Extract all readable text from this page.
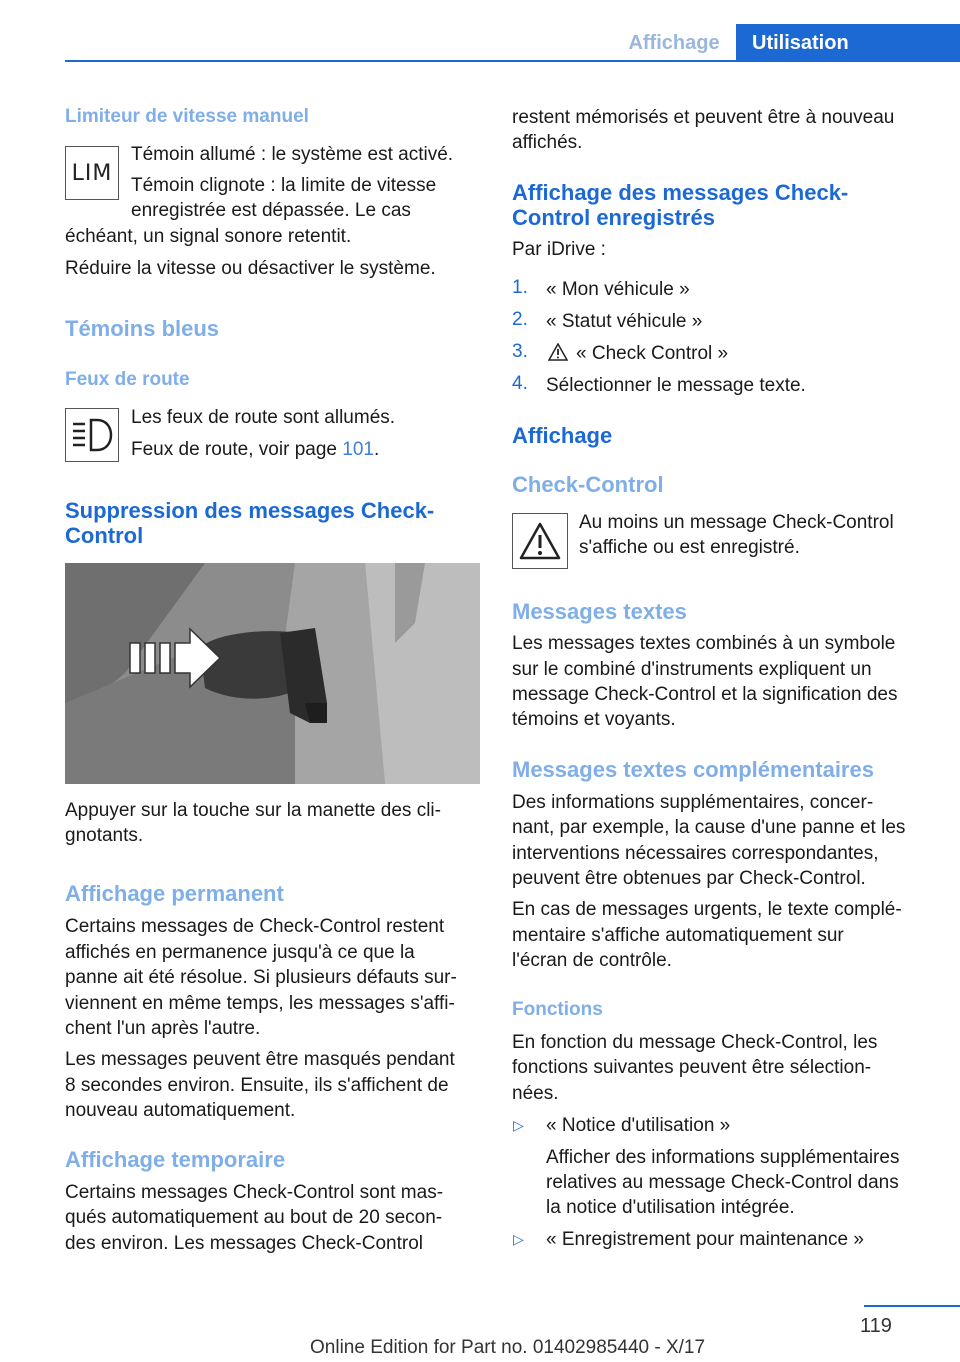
Affichage	Utilisation
Limiteur de vitesse manuel
LIM
Témoin allumé : le système est activé.
Témoin clignote : la limite de vitesse
enregistrée est dépassée. Le cas
échéant, un signal sonore retentit.
Réduire la vitesse ou désactiver le système.
Témoins bleus
Feux de route
Les feux de route sont allumés.
Feux de route, voir page 101.
Suppression des messages Check-
Control
Appuyer sur la touche sur la manette des cli-
gnotants.
Affichage permanent
Certains messages de Check-Control restent
affichés en permanence jusqu'à ce que la
panne ait été résolue. Si plusieurs défauts sur-
viennent en même temps, les messages s'affi-
chent l'un après l'autre.
Les messages peuvent être masqués pendant
8 secondes environ. Ensuite, ils s'affichent de
nouveau automatiquement.
Affichage temporaire
Certains messages Check-Control sont mas-
qués automatiquement au bout de 20 secon-
des environ. Les messages Check-Control
restent mémorisés et peuvent être à nouveau
affichés.
Affichage des messages Check-
Control enregistrés
Par iDrive :
1. « Mon véhicule »
2. « Statut véhicule »
3.	« Check Control »
4. Sélectionner le message texte.
Affichage
Check-Control
Au moins un message Check-Control
s'affiche ou est enregistré.
Messages textes
Les messages textes combinés à un symbole
sur le combiné d'instruments expliquent un
message Check-Control et la signification des
témoins et voyants.
Messages textes complémentaires
Des informations supplémentaires, concer-
nant, par exemple, la cause d'une panne et les
interventions nécessaires correspondantes,
peuvent être obtenues par Check-Control.
En cas de messages urgents, le texte complé-
mentaire s'affiche automatiquement sur
l'écran de contrôle.
Fonctions
En fonction du message Check-Control, les
fonctions suivantes peuvent être sélection-
nées.
▷ « Notice d'utilisation »
Afficher des informations supplémentaires
relatives au message Check-Control dans
la notice d'utilisation intégrée.
▷ « Enregistrement pour maintenance »
119
Online Edition for Part no. 01402985440 - X/17
